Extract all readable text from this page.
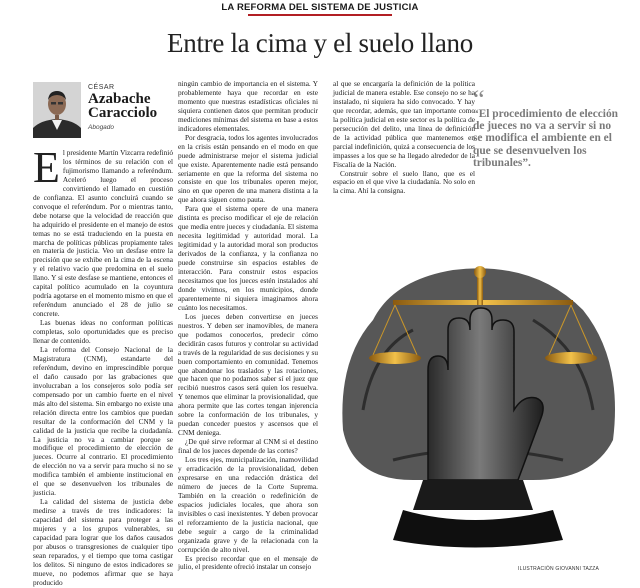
LA REFORMA DEL SISTEMA DE JUSTICIA
Entre la cima y el suelo llano
CÉSAR
Azabache Caracciolo
Abogado

El presidente Martín Vizcarra redefinió los términos de su relación con el fujimorismo llamando a referéndum. Aceleró luego el proceso convirtiendo el llamado en cuestión de confianza. El asunto concluirá cuando se convoque el referéndum. Por o mientras tanto, debe notarse que la velocidad de reacción que ha adquirido el presidente en el manejo de estos temas no se está traduciendo en la puesta en marcha de políticas públicas propiamente tales en materia de justicia. Veo un desfase entre la precisión que se exhibe en la cima de la escena y el relativo vacío que predomina en el suelo llano. Y si este desfase se mantiene, entonces el capital político acumulado en la coyuntura podría agotarse en el momento mismo en que el referéndum anunciado el 28 de julio se concrete.

Las buenas ideas no conforman políticas completas, solo oportunidades que es preciso llenar de contenido.

La reforma del Consejo Nacional de la Magistratura (CNM), estandarte del referéndum, devino en imprescindible porque el daño causado por las grabaciones que involucraban a los consejeros solo podía ser compensado por un cambio fuerte en el nivel más alto del sistema. Sin embargo no existe una relación directa entre los cambios que puedan resultar de la conformación del CNM y la calidad de la justicia que recibe la ciudadanía. La justicia no va a cambiar porque se modifique el procedimiento de elección de jueces. Ocurre al contrario. El procedimiento de elección no va a servir para mucho si no se modifica también el ambiente institucional en el que se desenvuelven los tribunales de justicia.

La calidad del sistema de justicia debe medirse a través de tres indicadores: la capacidad del sistema para proteger a las mujeres y a los grupos vulnerables, su capacidad para lograr que los daños causados por abusos o transgresiones de cualquier tipo sean reparados, y el tiempo que toma castigar los delitos. Si ninguno de estos indicadores se mueve, no podemos afirmar que se haya producido

ningún cambio de importancia en el sistema. Y probablemente haya que recordar en este momento que nuestras estadísticas oficiales ni siquiera contienen datos que permitan producir mediciones mínimas del sistema en base a estos indicadores elementales.

Por desgracia, todos los agentes involucrados en la crisis están pensando en el modo en que puede administrarse mejor el sistema judicial que existe. Aparentemente nadie está pensando seriamente en que la reforma del sistema no consiste en que los tribunales operen mejor, sino en que operen de una manera distinta a la que ahora siguen como pauta.

Para que el sistema opere de una manera distinta es preciso modificar el eje de relación que media entre jueces y ciudadanía. El sistema necesita legitimidad y autoridad moral. La legitimidad y la autoridad moral son productos derivados de la confianza, y la confianza no puede construirse sin espacios estables de interacción. Para construir estos espacios necesitamos que los jueces estén instalados ahí donde vivimos, en los municipios, donde aparentemente ni siquiera imaginamos ahora cuánto los necesitamos.

Los jueces deben convertirse en jueces nuestros. Y deben ser inamovibles, de manera que podamos conocerlos, predecir cómo decidirán casos futuros y controlar su actividad a través de la regularidad de sus decisiones y su buen comportamiento en comunidad. Tenemos que abandonar los traslados y las rotaciones, que hacen que no podamos saber sí el juez que recibió nuestros casos será quien los resuelva. Y tenemos que eliminar la provisionalidad, que ahora permite que las cortes tengan injerencia sobre la conformación de los tribunales, y puedan conceder puestos y ascensos que el CNM deniega.

¿De qué sirve reformar al CNM si el destino final de los jueces depende de las cortes?

Los tres ejes, municipalización, inamovilidad y erradicación de la provisionalidad, deben expresarse en una redacción drástica del número de jueces de la Corte Suprema. También en la creación o redefinición de espacios judiciales locales, que ahora son invisibles o casi inexistentes. Y deben provocar el reforzamiento de la justicia nacional, que debe seguir a cargo de la criminalidad organizada grave y de la relacionada con la corrupción de alto nivel.

Es preciso recordar que en el mensaje de julio, el presidente ofreció instalar un consejo

al que se encargaría la definición de la política judicial de manera estable. Ese consejo no se ha instalado, ni siquiera ha sido convocado. Y hay que recordar, además, que tan importante como la política judicial en este sector es la política de persecución del delito, una línea de definición de la actividad pública que mantenemos en parcial indefinición, quizá a consecuencia de los impasses a los que se ha llegado alrededor de la Fiscalía de la Nación.

Construir sobre el suelo llano, que es el espacio en el que vive la ciudadanía. No solo en la cima. Ahí la consigna.

“
“El procedimiento de elección de jueces no va a servir si no se modifica el ambiente en el que se desenvuelven los tribunales”.
ILUSTRACIÓN GIOVANNI TAZZA
